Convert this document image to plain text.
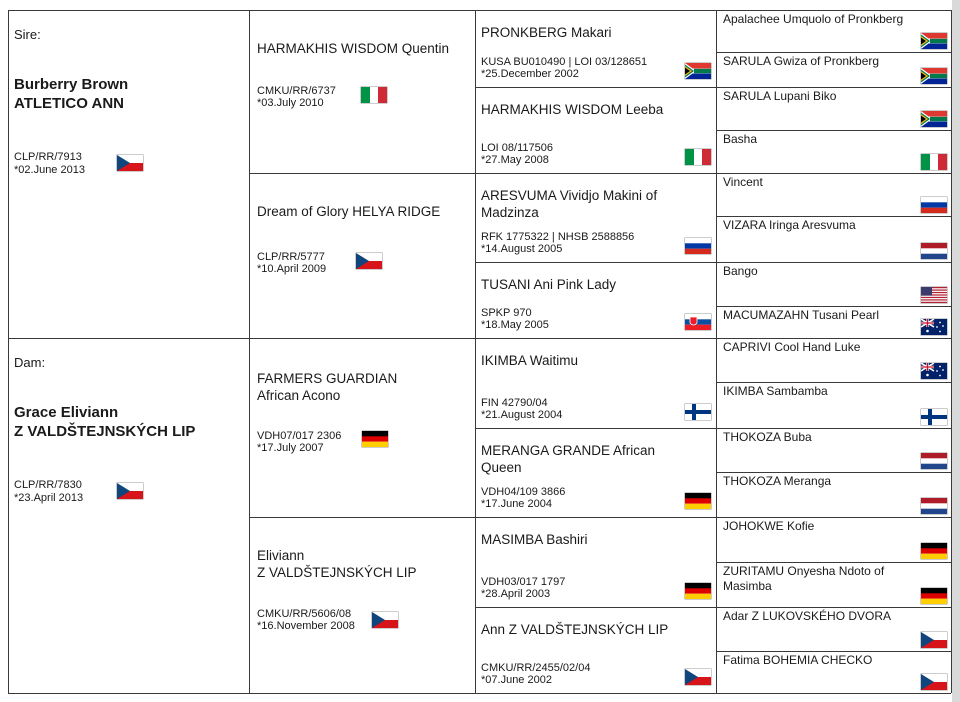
Sire:
Burberry Brown
ATLETICO ANN
CLP/RR/7913
*02.June 2013
Dam:
Grace Eliviann
Z VALDŠTEJNSKÝCH LIP
CLP/RR/7830
*23.April 2013
HARMAKHIS WISDOM Quentin
CMKU/RR/6737
*03.July 2010
Dream of Glory HELYA RIDGE
CLP/RR/5777
*10.April 2009
FARMERS GUARDIAN
African Acono
VDH07/017 2306
*17.July 2007
Eliviann
Z VALDŠTEJNSKÝCH LIP
CMKU/RR/5606/08
*16.November 2008
PRONKBERG Makari
KUSA BU010490 | LOI 03/128651
*25.December 2002
HARMAKHIS WISDOM Leeba
LOI 08/117506
*27.May 2008
ARESVUMA Vividjo Makini of
Madzinza
RFK 1775322 | NHSB 2588856
*14.August 2005
TUSANI Ani Pink Lady
SPKP 970
*18.May 2005
IKIMBA Waitimu
FIN 42790/04
*21.August 2004
MERANGA GRANDE African
Queen
VDH04/109 3866
*17.June 2004
MASIMBA Bashiri
VDH03/017 1797
*28.April 2003
Ann Z VALDŠTEJNSKÝCH LIP
CMKU/RR/2455/02/04
*07.June 2002
Apalachee Umquolo of Pronkberg
SARULA Gwiza of Pronkberg
SARULA Lupani Biko
Basha
Vincent
VIZARA Iringa Aresvuma
Bango
MACUMAZAHN Tusani Pearl
CAPRIVI Cool Hand Luke
IKIMBA Sambamba
THOKOZA Buba
THOKOZA Meranga
JOHOKWE Kofie
ZURITAMU Onyesha Ndoto of
Masimba
Adar Z LUKOVSKÉHO DVORA
Fatima BOHEMIA CHECKO
